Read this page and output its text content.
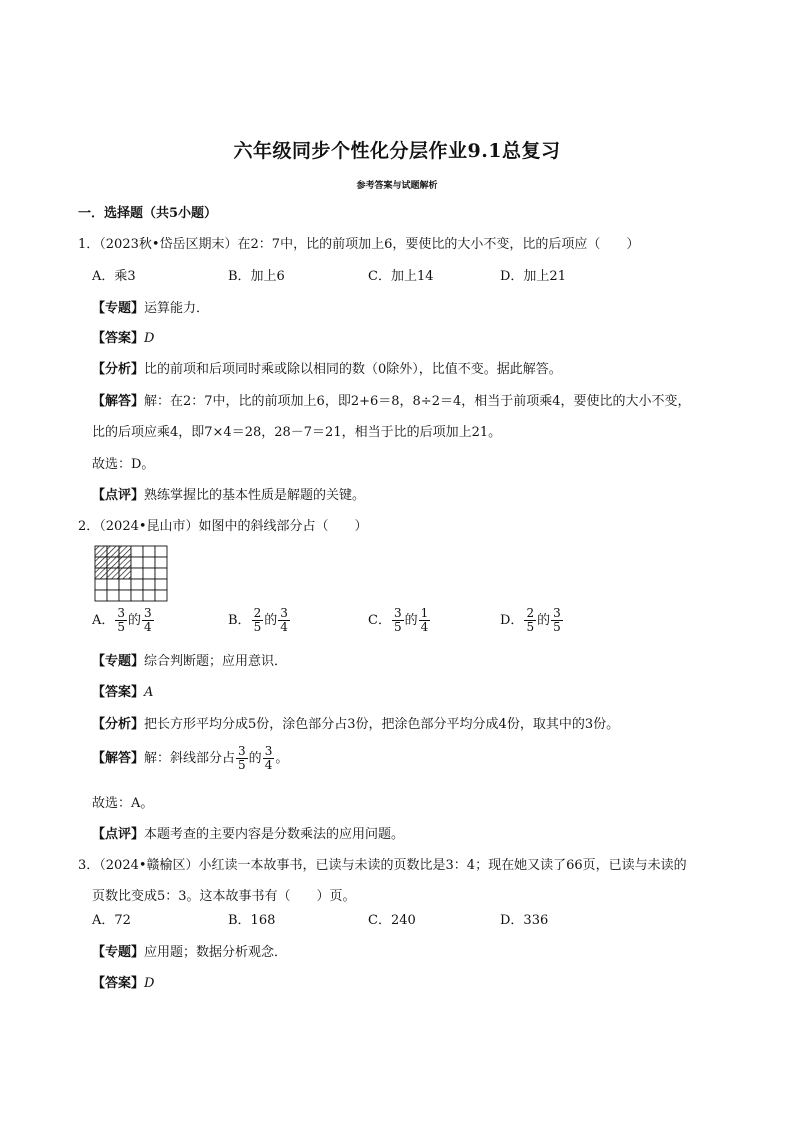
六年级同步个性化分层作业9.1总复习
参考答案与试题解析
一．选择题（共5小题）
1．（2023秋•岱岳区期末）在2：7中，比的前项加上6，要使比的大小不变，比的后项应（　　）
A．乘3	B．加上6	C．加上14	D．加上21
【专题】运算能力．
【答案】D
【分析】比的前项和后项同时乘或除以相同的数（0除外），比值不变。据此解答。
【解答】解：在2：7中，比的前项加上6，即2+6＝8，8÷2＝4，相当于前项乘4，要使比的大小不变，
比的后项应乘4，即7×4＝28，28－7＝21，相当于比的后项加上21。
故选：D。
【点评】熟练掌握比的基本性质是解题的关键。
2．（2024•昆山市）如图中的斜线部分占（　　）
A． $\frac{3}{5}$ 的 $\frac{3}{4}$	B． $\frac{2}{5}$ 的 $\frac{3}{4}$	C． $\frac{3}{5}$ 的 $\frac{1}{4}$	D． $\frac{2}{5}$ 的 $\frac{3}{5}$
【专题】综合判断题；应用意识．
【答案】A
【分析】把长方形平均分成5份，涂色部分占3份，把涂色部分平均分成4份，取其中的3份。
【解答】解：斜线部分占 $\frac{3}{5}$ 的 $\frac{3}{4}$ 。
故选：A。
【点评】本题考查的主要内容是分数乘法的应用问题。
3．（2024•赣榆区）小红读一本故事书，已读与未读的页数比是3：4；现在她又读了66页，已读与未读的
页数比变成5：3。这本故事书有（　　）页。
A．72	B．168	C．240	D．336
【专题】应用题；数据分析观念．
【答案】D
